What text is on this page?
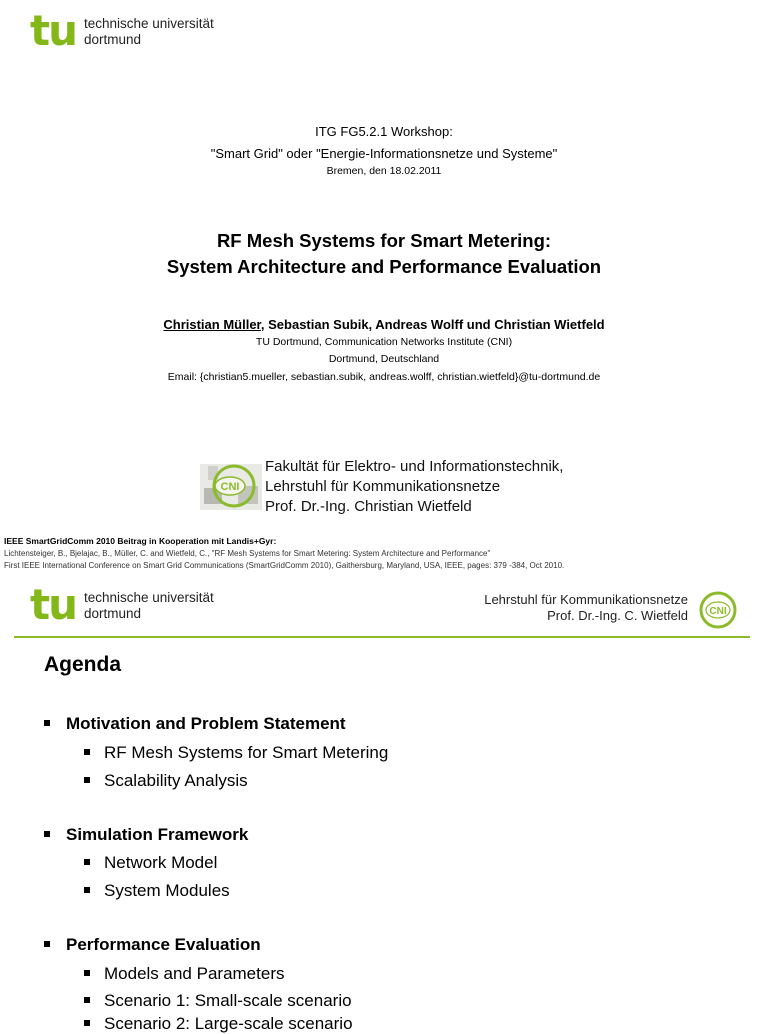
tu technische universität
dortmund
ITG FG5.2.1 Workshop:
"Smart Grid" oder "Energie-Informationsnetze und Systeme"
Bremen, den 18.02.2011
RF Mesh Systems for Smart Metering:
System Architecture and Performance Evaluation
Christian Müller, Sebastian Subik, Andreas Wolff und Christian Wietfeld
TU Dortmund, Communication Networks Institute (CNI)
Dortmund, Deutschland
Email: {christian5.mueller, sebastian.subik, andreas.wolff, christian.wietfeld}@tu-dortmund.de
CNI
Fakultät für Elektro- und Informationstechnik,
Lehrstuhl für Kommunikationsnetze
Prof. Dr.-Ing. Christian Wietfeld
IEEE SmartGridComm 2010 Beitrag in Kooperation mit Landis+Gyr:
Lichtensteiger, B., Bjelajac, B., Müller, C. and Wietfeld, C., "RF Mesh Systems for Smart Metering: System Architecture and Performance"
First IEEE International Conference on Smart Grid Communications (SmartGridComm 2010), Gaithersburg, Maryland, USA, IEEE, pages: 379 -384, Oct 2010.
tu technische universität
dortmund
Lehrstuhl für Kommunikationsnetze
Prof. Dr.-Ing. C. Wietfeld CNI
Agenda
Motivation and Problem Statement
RF Mesh Systems for Smart Metering
Scalability Analysis
Simulation Framework
Network Model
System Modules
Performance Evaluation
Models and Parameters
Scenario 1: Small-scale scenario
Scenario 2: Large-scale scenario
